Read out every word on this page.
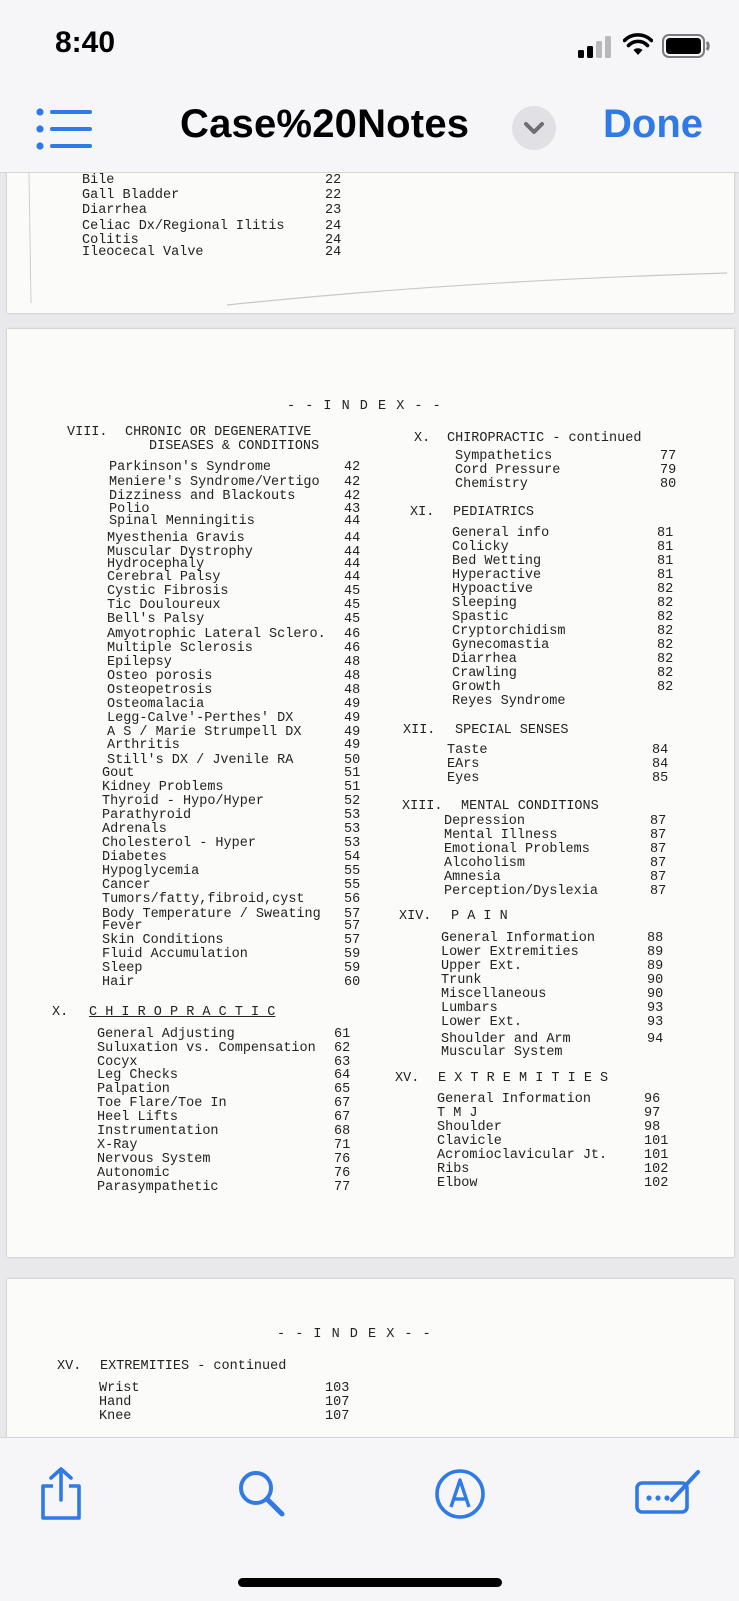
8:40
Case%20Notes	Done
Bile	22
Gall Bladder	22
Diarrhea	23
Celiac Dx/Regional Ilitis	24
Colitis	24
Ileocecal Valve	24
- - I N D E X - -
VIII. CHRONIC OR DEGENERATIVE
DISEASES & CONDITIONS
Parkinson's Syndrome	42
Meniere's Syndrome/Vertigo 42
Dizziness and Blackouts	42
Polio	43
Spinal Menningitis	44
Myesthenia Gravis	44
Muscular Dystrophy	44
Hydrocephaly	44
Cerebral Palsy	44
Cystic Fibrosis	45
Tic Douloureux	45
Bell's Palsy	45
Amyotrophic Lateral Sclero. 46
Multiple Sclerosis	46
Epilepsy	48
Osteo porosis	48
Osteopetrosis	48
Osteomalacia	49
Legg-Calve'-Perthes' DX	49
A S / Marie Strumpell DX	49
Arthritis	49
Still's DX / Jvenile RA	50
Gout	51
Kidney Problems	51
Thyroid - Hypo/Hyper	52
Parathyroid	53
Adrenals	53
Cholesterol - Hyper	53
Diabetes	54
Hypoglycemia	55
Cancer	55
Tumors/fatty,fibroid,cyst	56
Body Temperature / Sweating 57
Fever	57
Skin Conditions	57
Fluid Accumulation	59
Sleep	59
Hair	60
X. C H I R O P R A C T I C
General Adjusting	61
Suluxation vs. Compensation 62
Cocyx	63
Leg Checks	64
Palpation	65
Toe Flare/Toe In	67
Heel Lifts	67
Instrumentation	68
X-Ray	71
Nervous System	76
Autonomic	76
Parasympathetic	77
X. CHIROPRACTIC - continued
Sympathetics	77
Cord Pressure	79
Chemistry	80
XI. PEDIATRICS
General info	81
Colicky	81
Bed Wetting	81
Hyperactive	81
Hypoactive	82
Sleeping	82
Spastic	82
Cryptorchidism	82
Gynecomastia	82
Diarrhea	82
Crawling	82
Growth	82
Reyes Syndrome
XII. SPECIAL SENSES
Taste	84
EArs	84
Eyes	85
XIII. MENTAL CONDITIONS
Depression	87
Mental Illness	87
Emotional Problems	87
Alcoholism	87
Amnesia	87
Perception/Dyslexia	87
XIV. P A I N
General Information	88
Lower Extremities	89
Upper Ext.	89
Trunk	90
Miscellaneous	90
Lumbars	93
Lower Ext.	93
Shoulder and Arm	94
Muscular System
XV. E X T R E M I T I E S
General Information	96
T M J	97
Shoulder	98
Clavicle	101
Acromioclavicular Jt.	101
Ribs	102
Elbow	102
- - I N D E X - -
XV. EXTREMITIES - continued
Wrist	103
Hand	107
Knee	107
